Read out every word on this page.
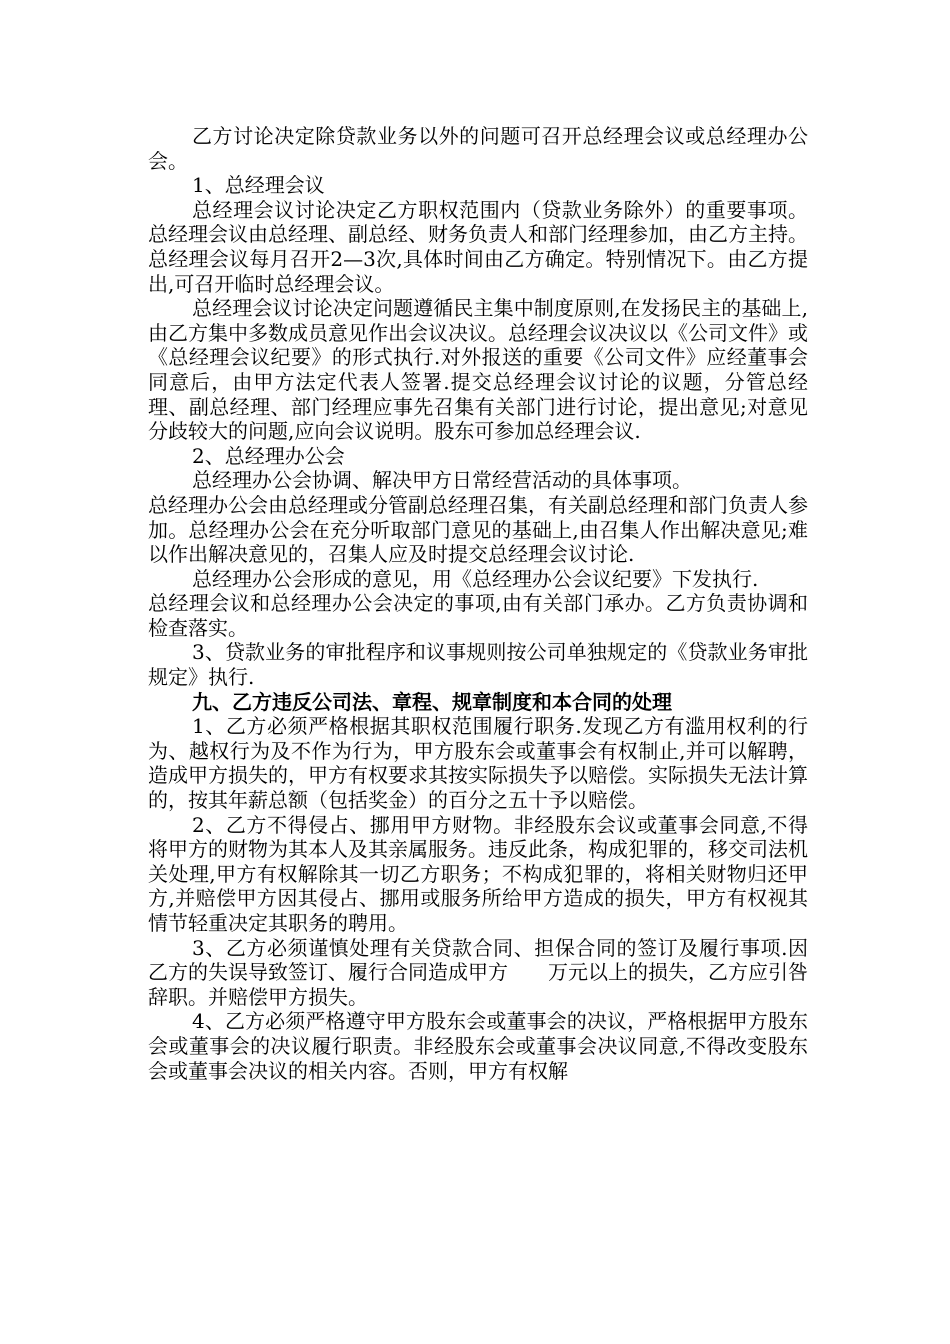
乙方讨论决定除贷款业务以外的问题可召开总经理会议或总经理办公会。

1、总经理会议

总经理会议讨论决定乙方职权范围内（贷款业务除外）的重要事项。总经理会议由总经理、副总经、财务负责人和部门经理参加，由乙方主持。

总经理会议每月召开2—3次,具体时间由乙方确定。特别情况下。由乙方提出,可召开临时总经理会议。

总经理会议讨论决定问题遵循民主集中制度原则,在发扬民主的基础上,由乙方集中多数成员意见作出会议决议。总经理会议决议以《公司文件》或《总经理会议纪要》的形式执行.对外报送的重要《公司文件》应经董事会同意后，由甲方法定代表人签署.提交总经理会议讨论的议题，分管总经理、副总经理、部门经理应事先召集有关部门进行讨论，提出意见;对意见分歧较大的问题,应向会议说明。股东可参加总经理会议.

2、总经理办公会

总经理办公会协调、解决甲方日常经营活动的具体事项。

总经理办公会由总经理或分管副总经理召集，有关副总经理和部门负责人参加。总经理办公会在充分听取部门意见的基础上,由召集人作出解决意见;难以作出解决意见的，召集人应及时提交总经理会议讨论.

总经理办公会形成的意见，用《总经理办公会议纪要》下发执行.

总经理会议和总经理办公会决定的事项,由有关部门承办。乙方负责协调和检查落实。

3、贷款业务的审批程序和议事规则按公司单独规定的《贷款业务审批规定》执行.

九、乙方违反公司法、章程、规章制度和本合同的处理

1、乙方必须严格根据其职权范围履行职务.发现乙方有滥用权利的行为、越权行为及不作为行为，甲方股东会或董事会有权制止,并可以解聘，造成甲方损失的，甲方有权要求其按实际损失予以赔偿。实际损失无法计算的，按其年薪总额（包括奖金）的百分之五十予以赔偿。

2、乙方不得侵占、挪用甲方财物。非经股东会议或董事会同意,不得将甲方的财物为其本人及其亲属服务。违反此条，构成犯罪的，移交司法机关处理,甲方有权解除其一切乙方职务；不构成犯罪的，将相关财物归还甲方,并赔偿甲方因其侵占、挪用或服务所给甲方造成的损失，甲方有权视其情节轻重决定其职务的聘用。

3、乙方必须谨慎处理有关贷款合同、担保合同的签订及履行事项.因乙方的失误导致签订、履行合同造成甲方　　万元以上的损失，乙方应引咎辞职。并赔偿甲方损失。

4、乙方必须严格遵守甲方股东会或董事会的决议，严格根据甲方股东会或董事会的决议履行职责。非经股东会或董事会决议同意,不得改变股东会或董事会决议的相关内容。否则，甲方有权解
